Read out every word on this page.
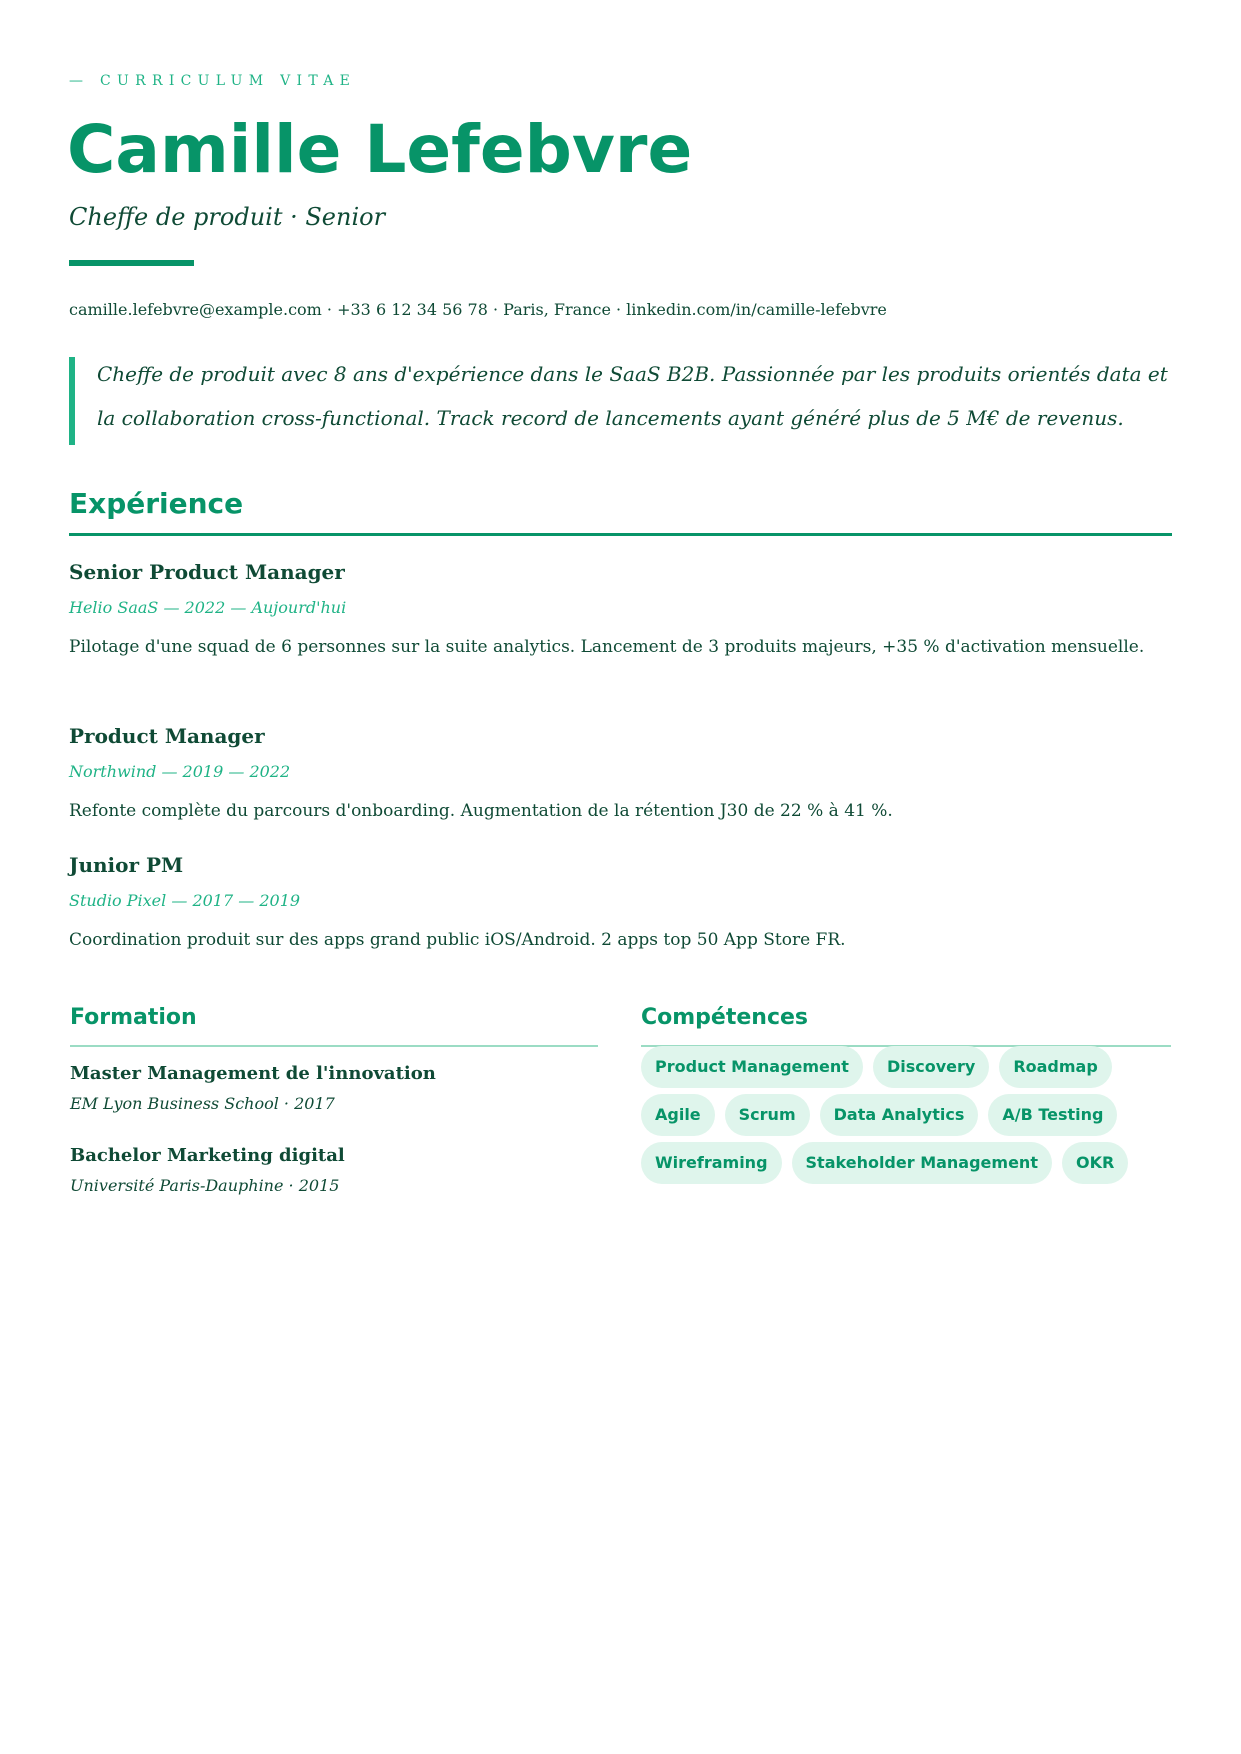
— CURRICULUM VITAE
Camille Lefebvre
Cheffe de produit · Senior
camille.lefebvre@example.com · +33 6 12 34 56 78 · Paris, France · linkedin.com/in/camille-lefebvre

Cheffe de produit avec 8 ans d'expérience dans le SaaS B2B. Passionnée par les produits orientés data et la collaboration cross-functional. Track record de lancements ayant généré plus de 5 M€ de revenus.

Expérience
Senior Product Manager
Helio SaaS — 2022 — Aujourd'hui
Pilotage d'une squad de 6 personnes sur la suite analytics. Lancement de 3 produits majeurs, +35 % d'activation mensuelle.
Product Manager
Northwind — 2019 — 2022
Refonte complète du parcours d'onboarding. Augmentation de la rétention J30 de 22 % à 41 %.
Junior PM
Studio Pixel — 2017 — 2019
Coordination produit sur des apps grand public iOS/Android. 2 apps top 50 App Store FR.
Formation
Master Management de l'innovation
EM Lyon Business School · 2017
Bachelor Marketing digital
Université Paris-Dauphine · 2015
Compétences
Product Management Discovery Roadmap
Agile Scrum Data Analytics A/B Testing
Wireframing Stakeholder Management OKR
